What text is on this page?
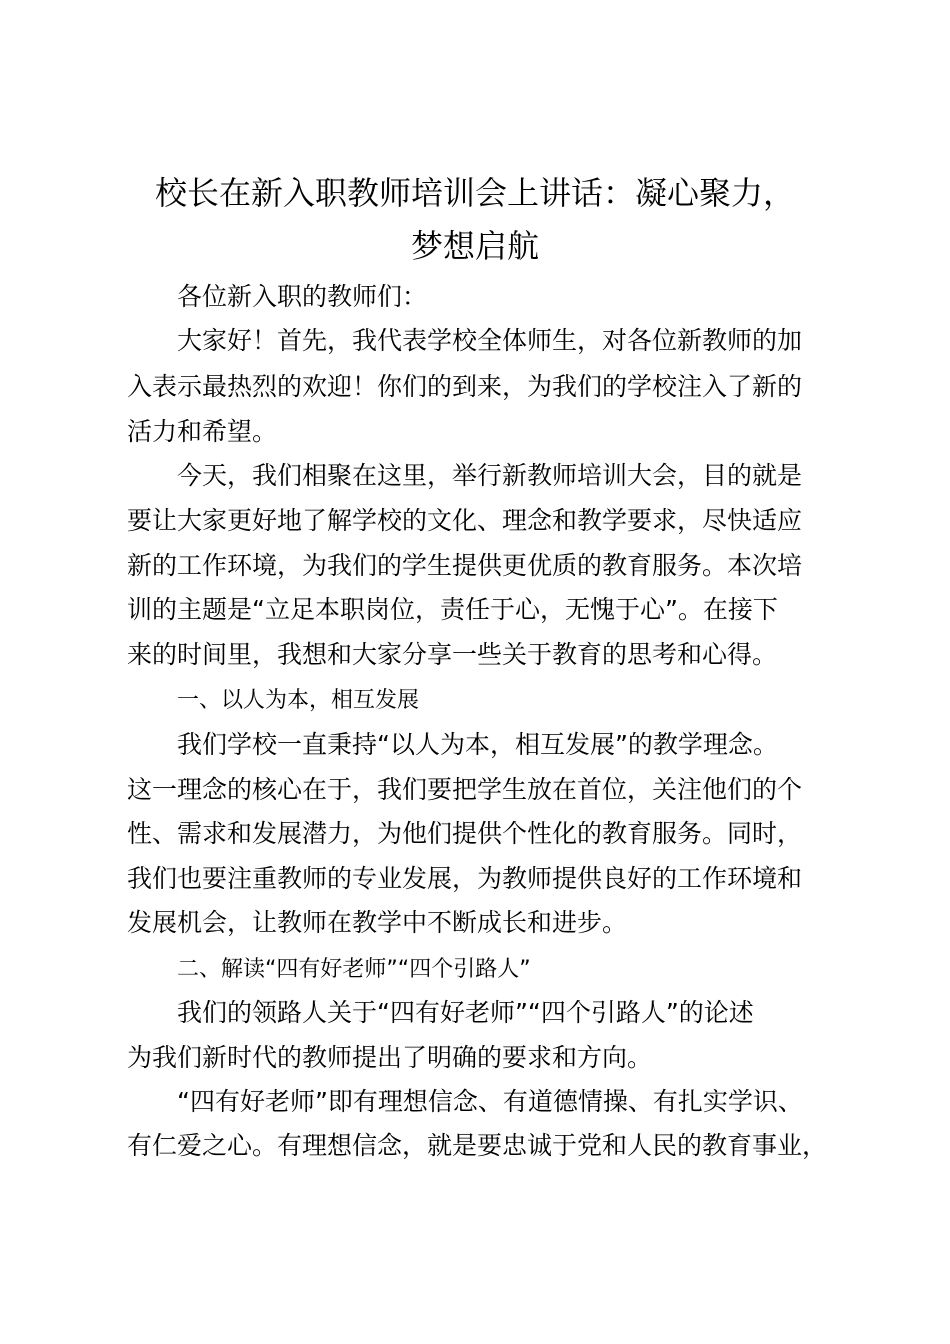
校长在新入职教师培训会上讲话：凝心聚力，
梦想启航

各位新入职的教师们：

大家好！首先，我代表学校全体师生，对各位新教师的加

入表示最热烈的欢迎！你们的到来，为我们的学校注入了新的

活力和希望。

今天，我们相聚在这里，举行新教师培训大会，目的就是

要让大家更好地了解学校的文化、理念和教学要求，尽快适应

新的工作环境，为我们的学生提供更优质的教育服务。本次培

训的主题是“立足本职岗位，责任于心，无愧于心”。在接下

来的时间里，我想和大家分享一些关于教育的思考和心得。

一、以人为本，相互发展

我们学校一直秉持“以人为本，相互发展”的教学理念。

这一理念的核心在于，我们要把学生放在首位，关注他们的个

性、需求和发展潜力，为他们提供个性化的教育服务。同时，

我们也要注重教师的专业发展，为教师提供良好的工作环境和

发展机会，让教师在教学中不断成长和进步。

二、解读“四有好老师”“四个引路人”

我们的领路人关于“四有好老师”“四个引路人”的论述

为我们新时代的教师提出了明确的要求和方向。

“四有好老师”即有理想信念、有道德情操、有扎实学识、

有仁爱之心。有理想信念，就是要忠诚于党和人民的教育事业，
